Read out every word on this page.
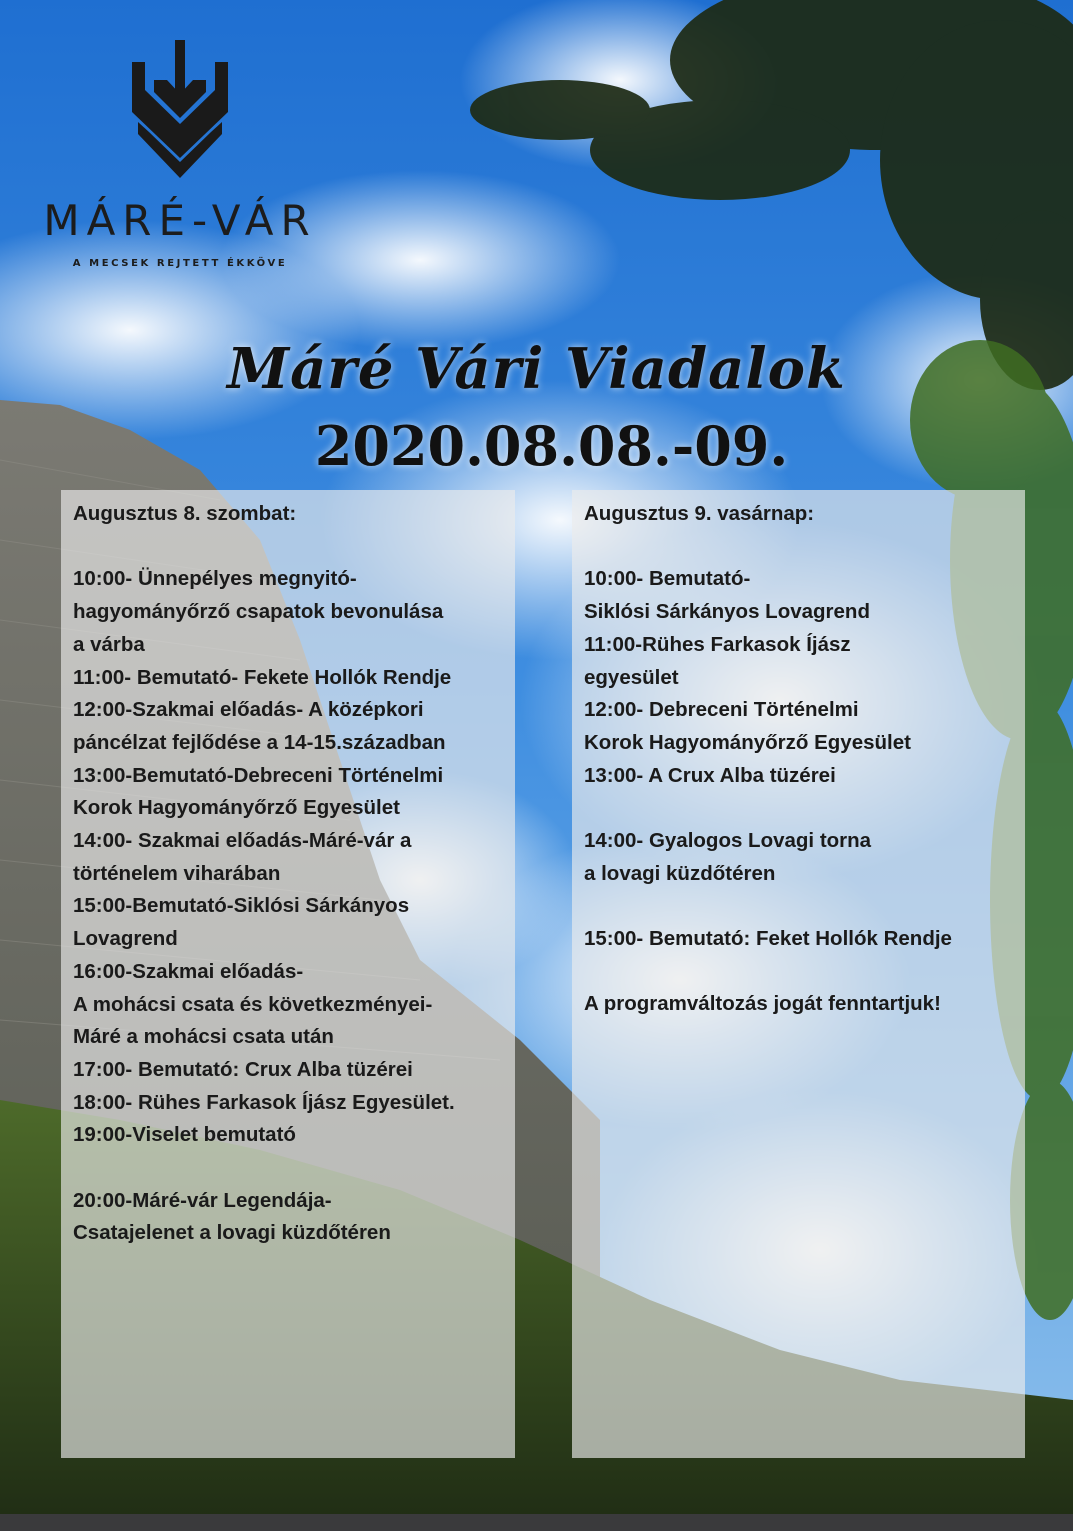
MÁRÉ-VÁR
A MECSEK REJTETT ÉKKÖVE
Máré Vári Viadalok
2020.08.08.-09.
Augusztus 8. szombat:
10:00- Ünnepélyes megnyitó-
hagyományőrző csapatok bevonulása
a várba
11:00- Bemutató- Fekete Hollók Rendje
12:00-Szakmai előadás- A középkori
páncélzat fejlődése a 14-15.században
13:00-Bemutató-Debreceni Történelmi
Korok Hagyományőrző Egyesület
14:00- Szakmai előadás-Máré-vár a
történelem viharában
15:00-Bemutató-Siklósi Sárkányos
Lovagrend
16:00-Szakmai előadás-
A mohácsi csata és következményei-
Máré a mohácsi csata után
17:00- Bemutató: Crux Alba tüzérei
18:00- Rühes Farkasok Íjász Egyesület.
19:00-Viselet bemutató
20:00-Máré-vár Legendája-
Csatajelenet a lovagi küzdőtéren
Augusztus 9. vasárnap:
10:00- Bemutató-
Siklósi Sárkányos Lovagrend
11:00-Rühes Farkasok Íjász
egyesület
12:00- Debreceni Történelmi
Korok Hagyományőrző Egyesület
13:00- A Crux Alba tüzérei
14:00- Gyalogos Lovagi torna
a lovagi küzdőtéren
15:00- Bemutató: Feket Hollók Rendje
A programváltozás jogát fenntartjuk!
